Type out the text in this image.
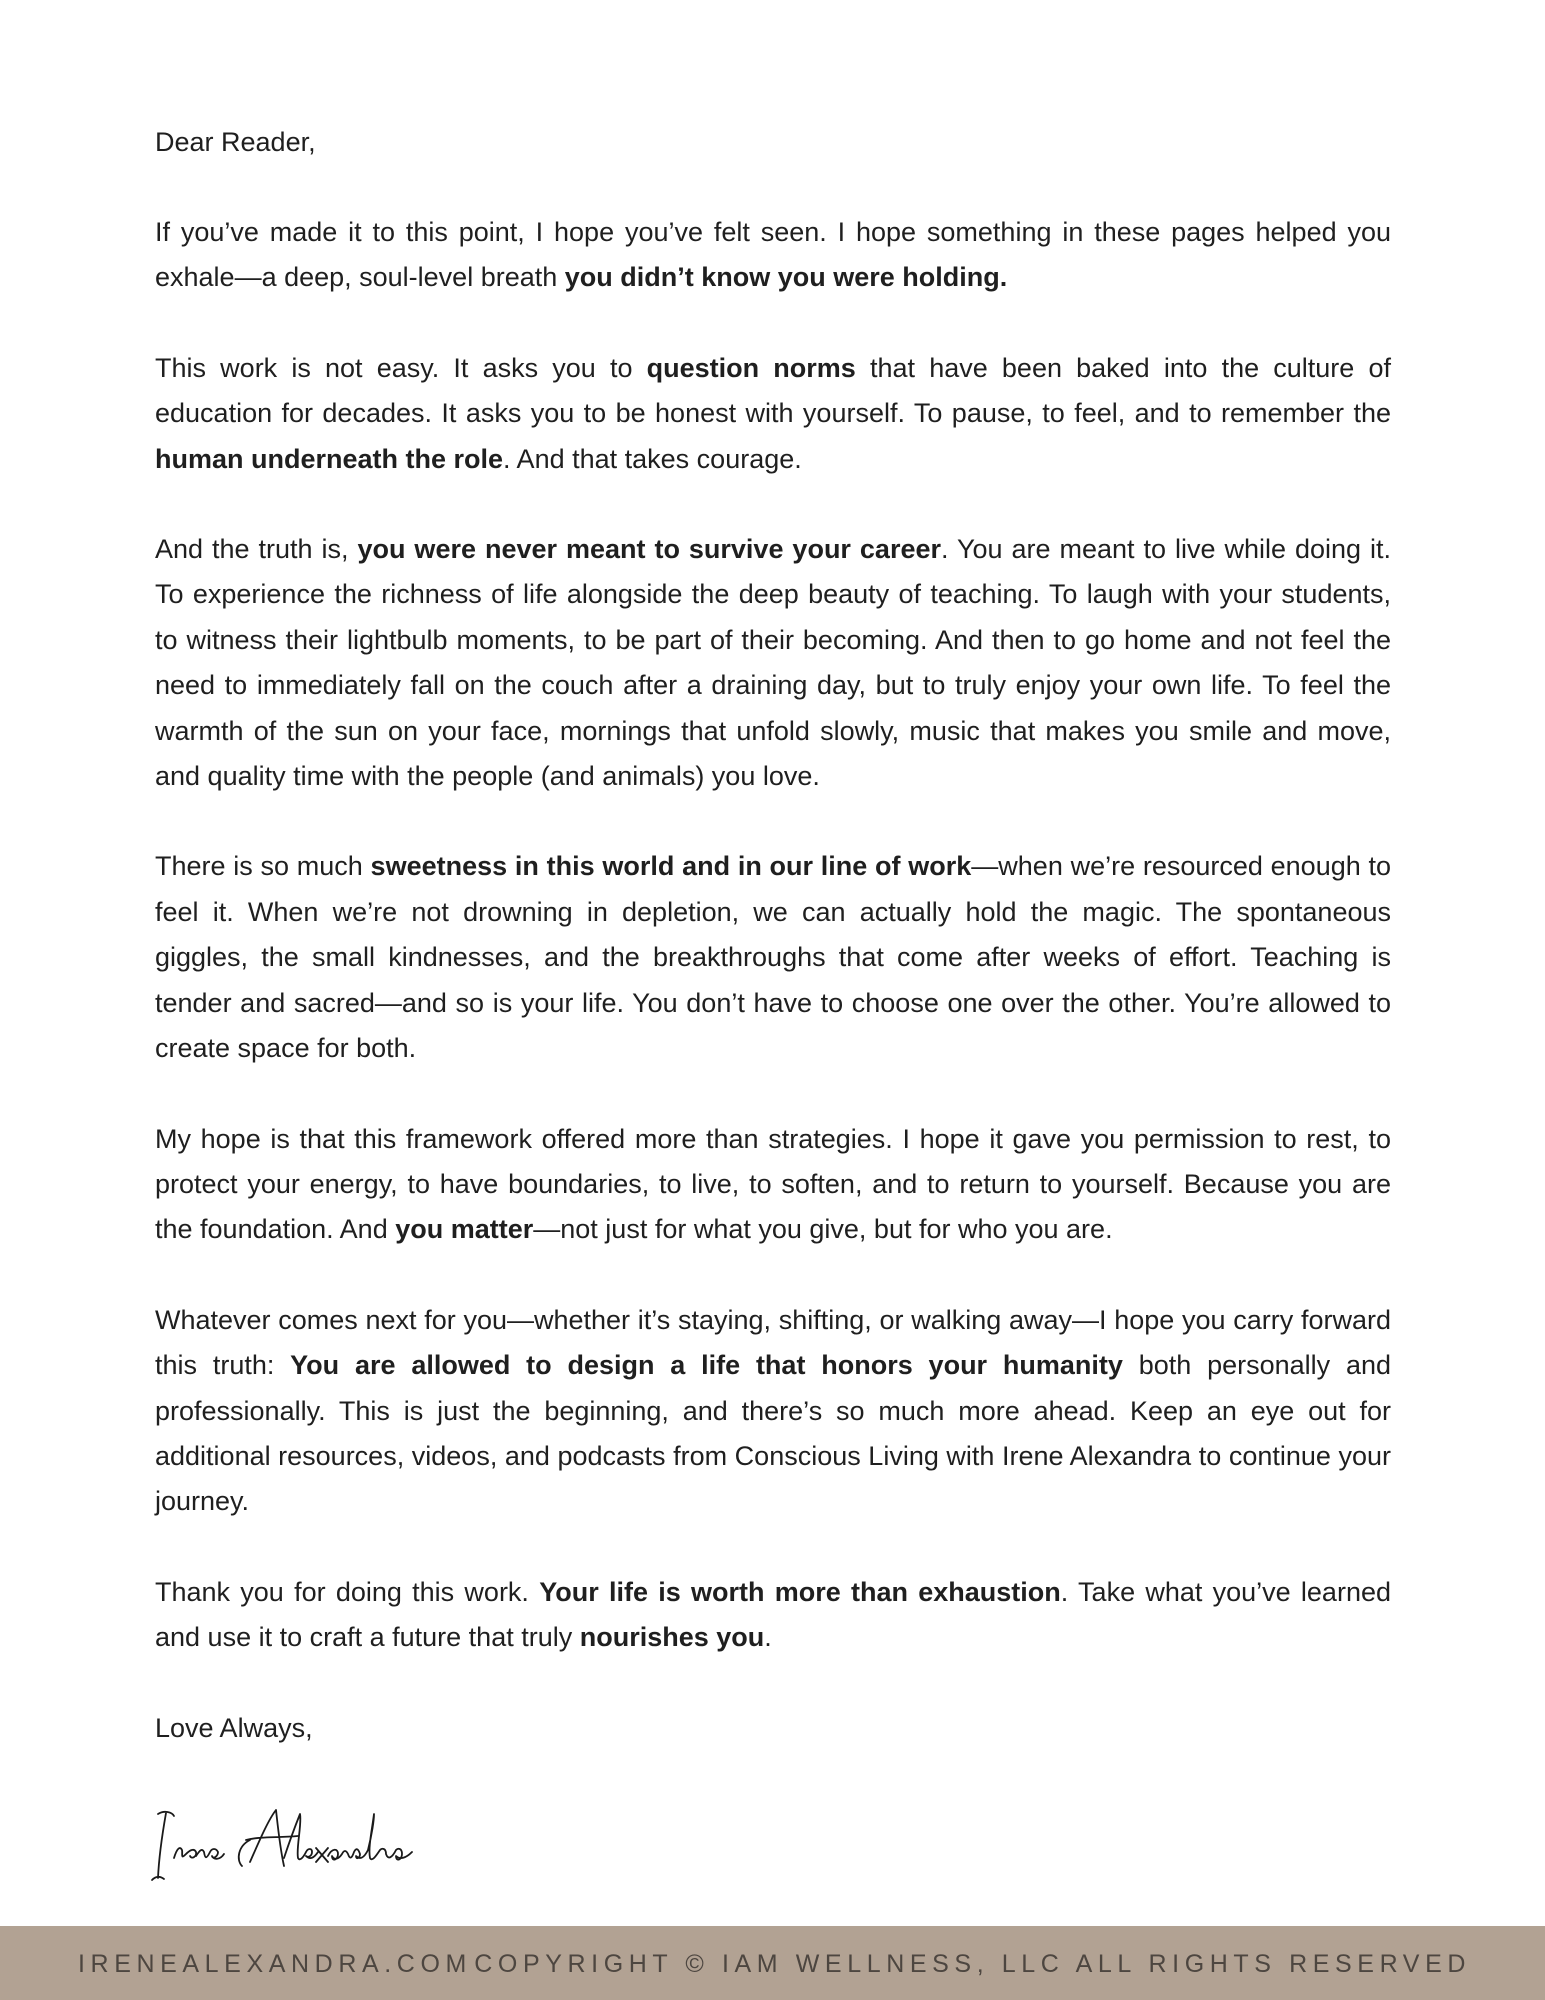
Dear Reader,

If you’ve made it to this point, I hope you’ve felt seen. I hope something in these pages helped you exhale—a deep, soul-level breath you didn’t know you were holding.

This work is not easy. It asks you to question norms that have been baked into the culture of education for decades. It asks you to be honest with yourself. To pause, to feel, and to remember the human underneath the role. And that takes courage.

And the truth is, you were never meant to survive your career. You are meant to live while doing it. To experience the richness of life alongside the deep beauty of teaching. To laugh with your students, to witness their lightbulb moments, to be part of their becoming. And then to go home and not feel the need to immediately fall on the couch after a draining day, but to truly enjoy your own life. To feel the warmth of the sun on your face, mornings that unfold slowly, music that makes you smile and move, and quality time with the people (and animals) you love.

There is so much sweetness in this world and in our line of work—when we’re resourced enough to feel it. When we’re not drowning in depletion, we can actually hold the magic. The spontaneous giggles, the small kindnesses, and the breakthroughs that come after weeks of effort. Teaching is tender and sacred—and so is your life. You don’t have to choose one over the other. You’re allowed to create space for both.

My hope is that this framework offered more than strategies. I hope it gave you permission to rest, to protect your energy, to have boundaries, to live, to soften, and to return to yourself. Because you are the foundation. And you matter—not just for what you give, but for who you are.

Whatever comes next for you—whether it’s staying, shifting, or walking away—I hope you carry forward this truth: You are allowed to design a life that honors your humanity both personally and professionally. This is just the beginning, and there’s so much more ahead. Keep an eye out for additional resources, videos, and podcasts from Conscious Living with Irene Alexandra to continue your journey.

Thank you for doing this work. Your life is worth more than exhaustion. Take what you’ve learned and use it to craft a future that truly nourishes you.

Love Always,

IRENEALEXANDRA.COM COPYRIGHT © IAM WELLNESS, LLC ALL RIGHTS RESERVED
